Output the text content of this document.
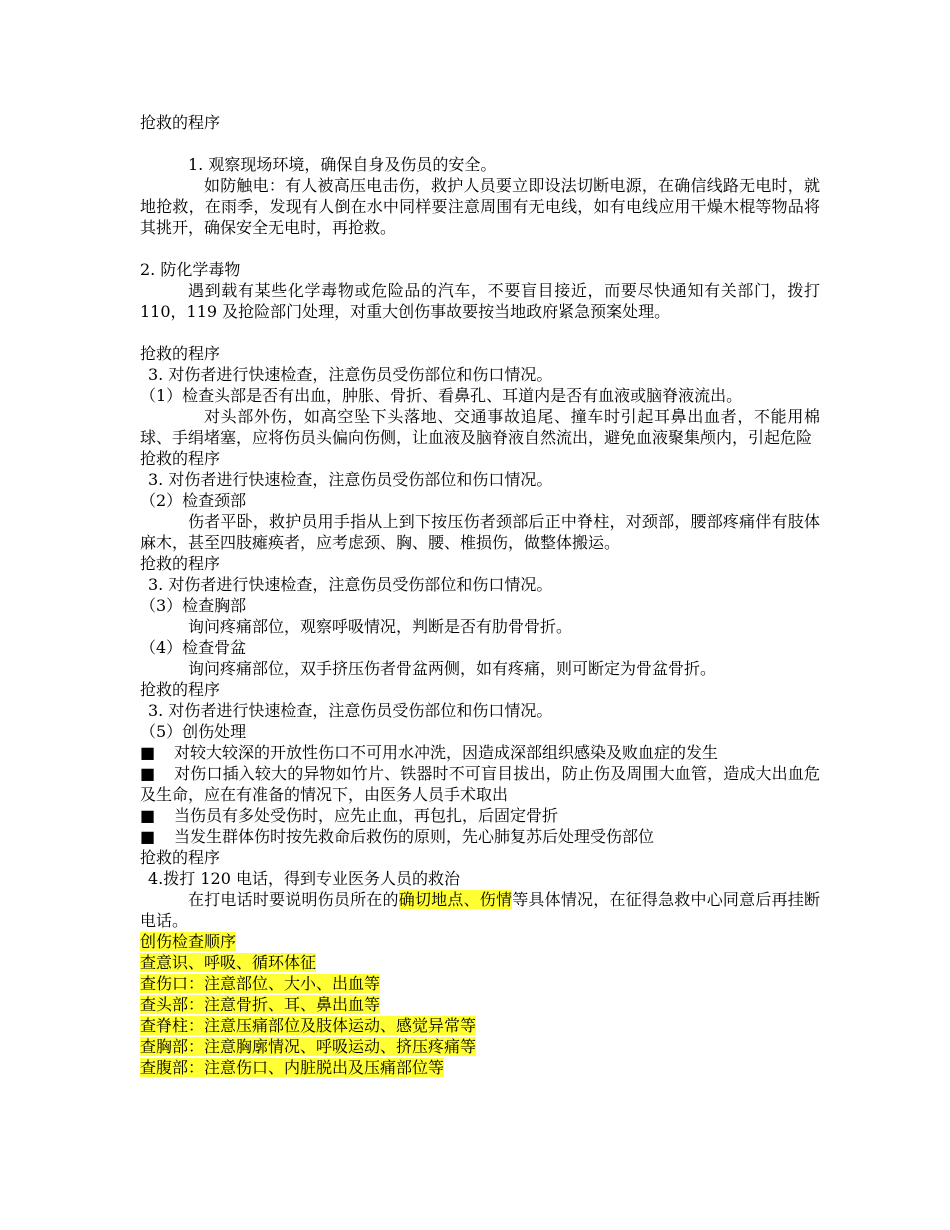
抢救的程序

1. 观察现场环境，确保自身及伤员的安全。

如防触电：有人被高压电击伤，救护人员要立即设法切断电源，在确信线路无电时，就地抢救，在雨季，发现有人倒在水中同样要注意周围有无电线，如有电线应用干燥木棍等物品将其挑开，确保安全无电时，再抢救。

2. 防化学毒物

遇到载有某些化学毒物或危险品的汽车，不要盲目接近，而要尽快通知有关部门，拨打 110，119 及抢险部门处理，对重大创伤事故要按当地政府紧急预案处理。

抢救的程序

3. 对伤者进行快速检查，注意伤员受伤部位和伤口情况。

（1）检查头部是否有出血，肿胀、骨折、看鼻孔、耳道内是否有血液或脑脊液流出。

对头部外伤，如高空坠下头落地、交通事故追尾、撞车时引起耳鼻出血者，不能用棉球、手绢堵塞，应将伤员头偏向伤侧，让血液及脑脊液自然流出，避免血液聚集颅内，引起危险

抢救的程序

3. 对伤者进行快速检查，注意伤员受伤部位和伤口情况。

（2）检查颈部

伤者平卧，救护员用手指从上到下按压伤者颈部后正中脊柱，对颈部，腰部疼痛伴有肢体麻木，甚至四肢瘫痪者，应考虑颈、胸、腰、椎损伤，做整体搬运。

抢救的程序

3. 对伤者进行快速检查，注意伤员受伤部位和伤口情况。

（3）检查胸部

询问疼痛部位，观察呼吸情况，判断是否有肋骨骨折。

（4）检查骨盆

询问疼痛部位，双手挤压伤者骨盆两侧，如有疼痛，则可断定为骨盆骨折。

抢救的程序

3. 对伤者进行快速检查，注意伤员受伤部位和伤口情况。

（5）创伤处理

■ 对较大较深的开放性伤口不可用水冲洗，因造成深部组织感染及败血症的发生

■ 对伤口插入较大的异物如竹片、铁器时不可盲目拔出，防止伤及周围大血管，造成大出血危及生命，应在有准备的情况下，由医务人员手术取出

■ 当伤员有多处受伤时，应先止血，再包扎，后固定骨折

■ 当发生群体伤时按先救命后救伤的原则，先心肺复苏后处理受伤部位

抢救的程序

4.拨打 120 电话，得到专业医务人员的救治

在打电话时要说明伤员所在的确切地点、伤情等具体情况，在征得急救中心同意后再挂断电话。

创伤检查顺序

查意识、呼吸、循环体征

查伤口：注意部位、大小、出血等

查头部：注意骨折、耳、鼻出血等

查脊柱：注意压痛部位及肢体运动、感觉异常等

查胸部：注意胸廓情况、呼吸运动、挤压疼痛等

查腹部：注意伤口、内脏脱出及压痛部位等
